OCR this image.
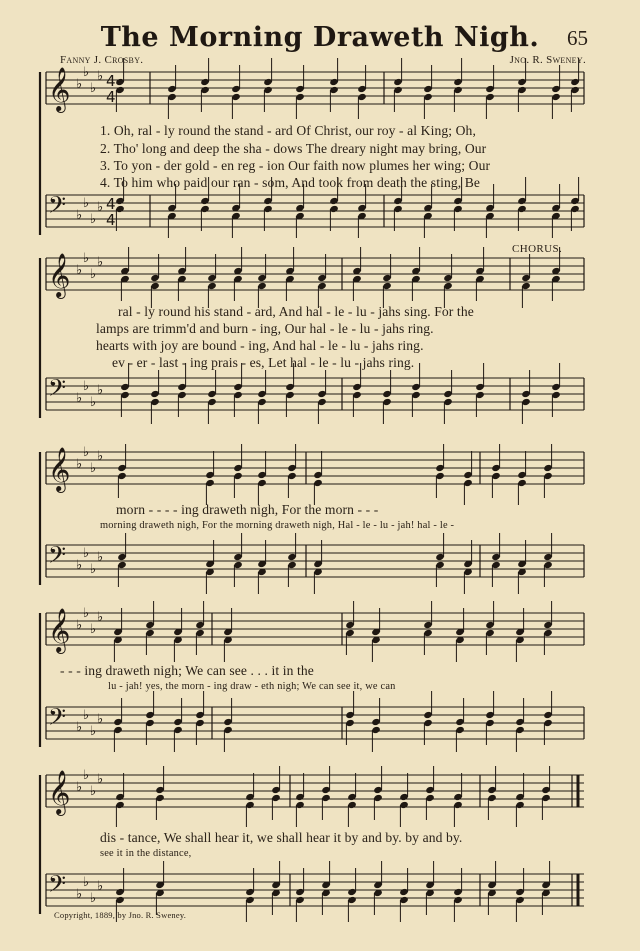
The Morning Draweth Nigh.	65
Fanny J. Crosby.	Jno. R. Sweney.
𝄞 ♭
♭
♭
♭ 4
4
𝄢 ♭
♭
♭
♭ 4
4
𝄞 ♭
♭
♭
♭
𝄢 ♭
♭
♭
♭
𝄞 ♭
♭
♭
♭
𝄢 ♭
♭
♭
♭
𝄞 ♭
♭
♭
♭
𝄢 ♭
♭
♭
♭
𝄞 ♭
♭
♭
♭
𝄢 ♭
♭
♭
♭
1. Oh, ral - ly round the stand - ard Of Christ, our roy - al King; Oh,
2. Tho' long and deep the sha - dows The dreary night may bring, Our
3. To yon - der gold - en reg - ion Our faith now plumes her wing; Our
4. To him who paid our ran - som, And took from death the sting, Be
CHORUS.
ral - ly round his stand - ard, And hal - le - lu - jahs sing. For the
lamps are trimm'd and burn - ing, Our hal - le - lu - jahs ring.
hearts with joy are bound - ing, And hal - le - lu - jahs ring.
ev - er - last - ing prais - es, Let hal - le - lu - jahs ring.
morn - - - - ing draweth nigh, For the morn - - -
morning draweth nigh, For the morning draweth nigh, Hal - le - lu - jah! hal - le -
- - - ing draweth nigh; We can see . . . it in the
lu - jah! yes, the morn - ing draw - eth nigh; We can see it, we can
dis - tance, We shall hear it, we shall hear it by and by. by and by.
see it in the distance,
Copyright, 1889, by Jno. R. Sweney.
